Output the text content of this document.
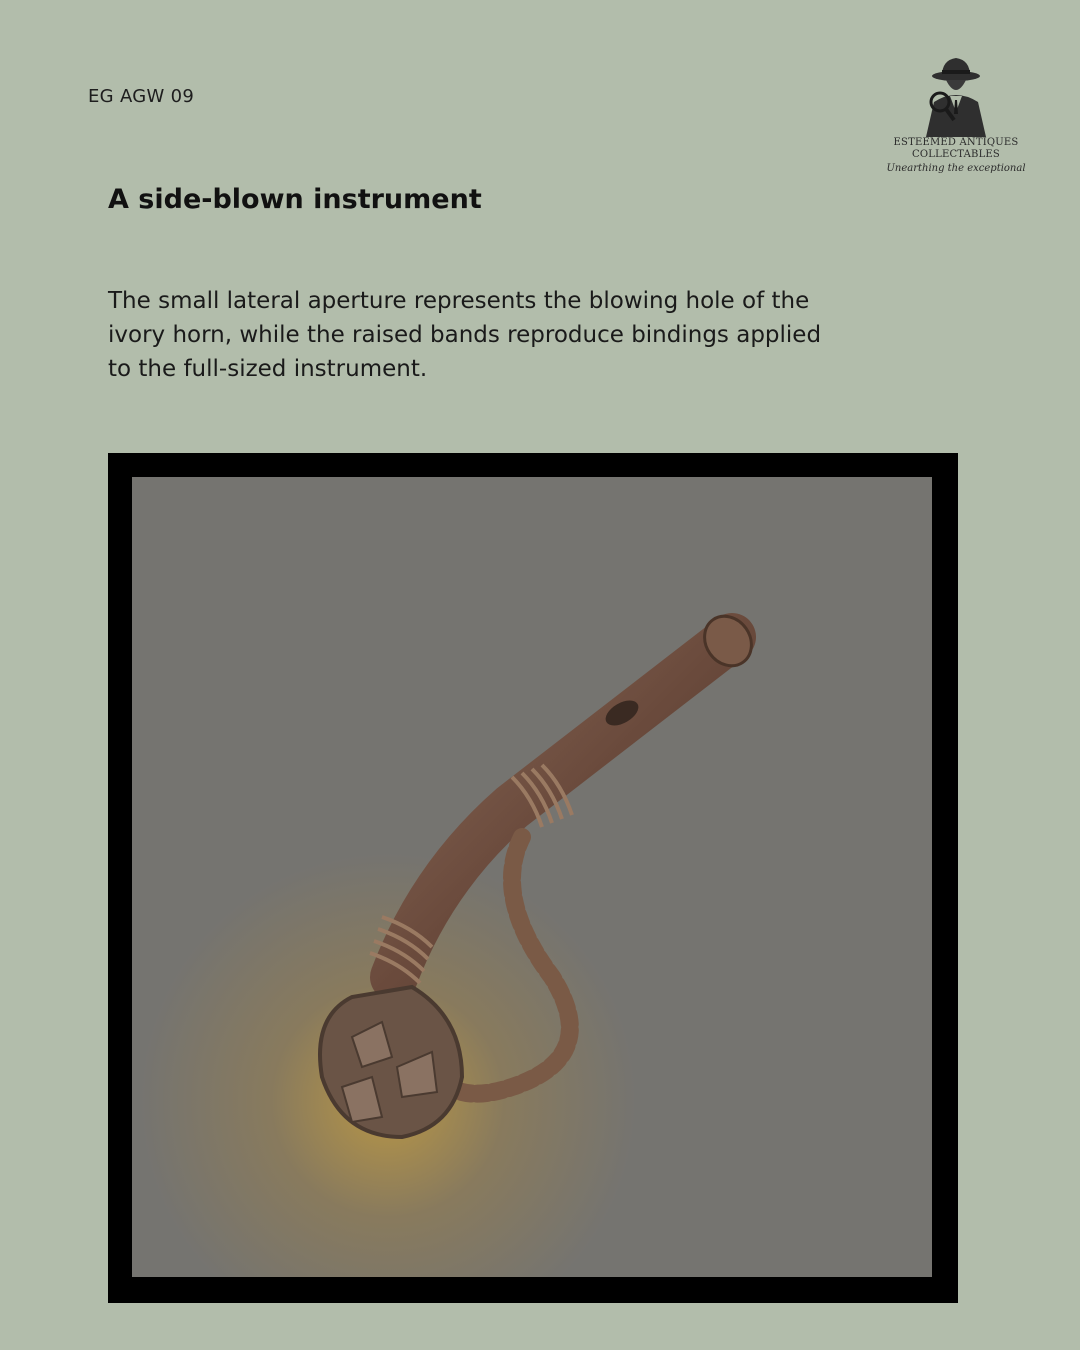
EG AGW 09
ESTEEMED ANTIQUES
COLLECTABLES
Unearthing the exceptional
A side-blown instrument
The small lateral aperture represents the blowing hole of the ivory horn, while the raised bands reproduce bindings applied to the full-sized instrument.
